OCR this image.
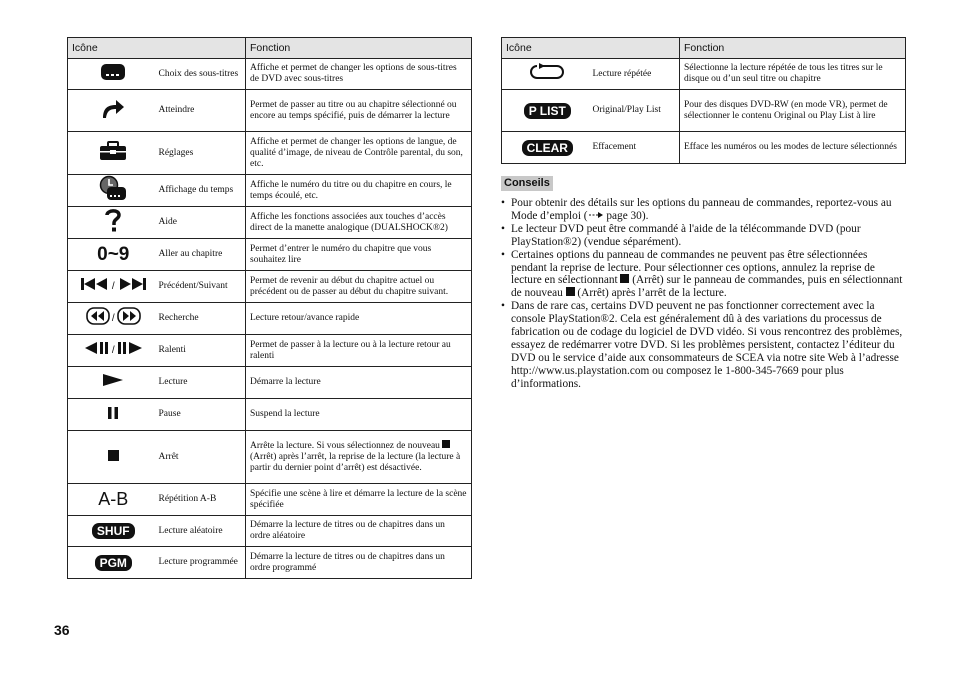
Icône		Fonction
	Choix des sous-titres	Affiche et permet de changer les options de sous-titres de DVD avec sous-titres
	Atteindre	Permet de passer au titre ou au chapitre sélectionné ou encore au temps spécifié, puis de démarrer la lecture
	Réglages	Affiche et permet de changer les options de langue, de qualité d’image, de niveau de Contrôle parental, du son, etc.
	Affichage du temps	Affiche le numéro du titre ou du chapitre en cours, le temps écoulé, etc.
	Aide	Affiche les fonctions associées aux touches d’accès direct de la manette analogique (DUALSHOCK®2)
0~9	Aller au chapitre	Permet d’entrer le numéro du chapitre que vous souhaitez lire
/	Précédent/Suivant	Permet de revenir au début du chapitre actuel ou précédent ou de passer au début du chapitre suivant.
/	Recherche	Lecture retour/avance rapide
/	Ralenti	Permet de passer à la lecture ou à la lecture retour au ralenti
	Lecture	Démarre la lecture
	Pause	Suspend la lecture
	Arrêt	Arrête la lecture. Si vous sélectionnez de nouveau  (Arrêt) après l’arrêt, la reprise de la lecture (la lecture à partir du dernier point d’arrêt) est désactivée.
A-B	Répétition A-B	Spécifie une scène à lire et démarre la lecture de la scène spécifiée
SHUF	Lecture aléatoire	Démarre la lecture de titres ou de chapitres dans un ordre aléatoire
PGM	Lecture programmée	Démarre la lecture de titres ou de chapitres dans un ordre programmé
Icône		Fonction
	Lecture répétée	Sélectionne la lecture répétée de tous les titres sur le disque ou d’un seul titre ou chapitre
P LIST	Original/Play List	Pour des disques DVD-RW (en mode VR), permet de sélectionner le contenu Original ou Play List à lire
CLEAR	Effacement	Efface les numéros ou les modes de lecture sélectionnés
Conseils
• Pour obtenir des détails sur les options du panneau de commandes, reportez-vous au Mode d’emploi ( page 30).
• Le lecteur DVD peut être commandé à l'aide de la télécommande DVD (pour PlayStation®2) (vendue séparément).
• Certaines options du panneau de commandes ne peuvent pas être sélectionnées pendant la reprise de lecture. Pour sélectionner ces options, annulez la reprise de lecture en sélectionnant  (Arrêt) sur le panneau de commandes, puis en sélectionnant de nouveau  (Arrêt) après l’arrêt de la lecture.
• Dans de rare cas, certains DVD peuvent ne pas fonctionner correctement avec la console PlayStation®2. Cela est généralement dû à des variations du processus de fabrication ou de codage du logiciel de DVD vidéo. Si vous rencontrez des problèmes, essayez de redémarrer votre DVD. Si les problèmes persistent, contactez l’éditeur du DVD ou le service d’aide aux consommateurs de SCEA via notre site Web à l’adresse http://www.us.playstation.com ou composez le 1-800-345-7669 pour plus d’informations.
36
